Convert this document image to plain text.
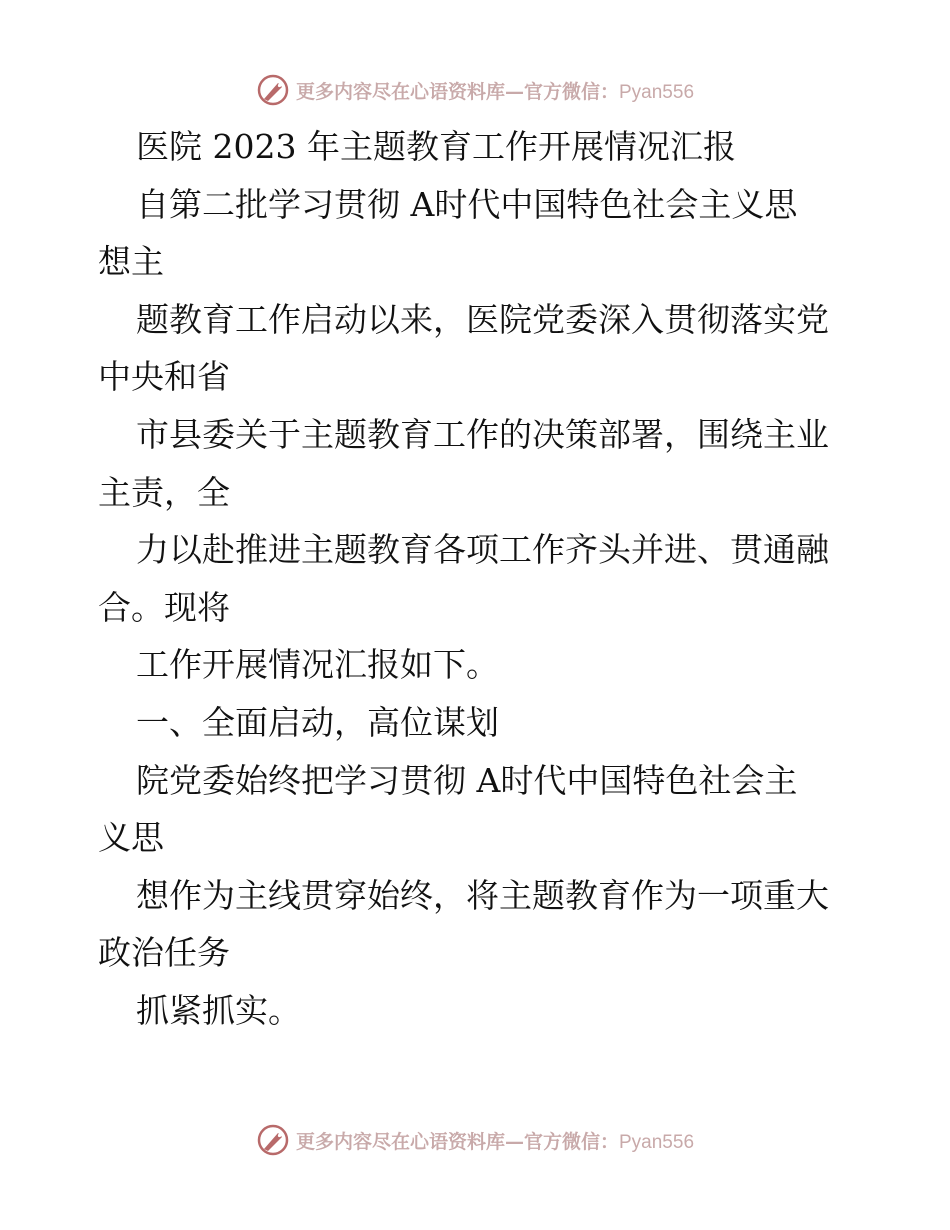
更多内容尽在心语资料库—官方微信：Pyan556
医院 2023 年主题教育工作开展情况汇报
自第二批学习贯彻 A时代中国特色社会主义思
想主
题教育工作启动以来，医院党委深入贯彻落实党
中央和省
市县委关于主题教育工作的决策部署，围绕主业
主责，全
力以赴推进主题教育各项工作齐头并进、贯通融
合。现将
工作开展情况汇报如下。
一、全面启动，高位谋划
院党委始终把学习贯彻 A时代中国特色社会主
义思
想作为主线贯穿始终，将主题教育作为一项重大
政治任务
抓紧抓实。
更多内容尽在心语资料库—官方微信：Pyan556
